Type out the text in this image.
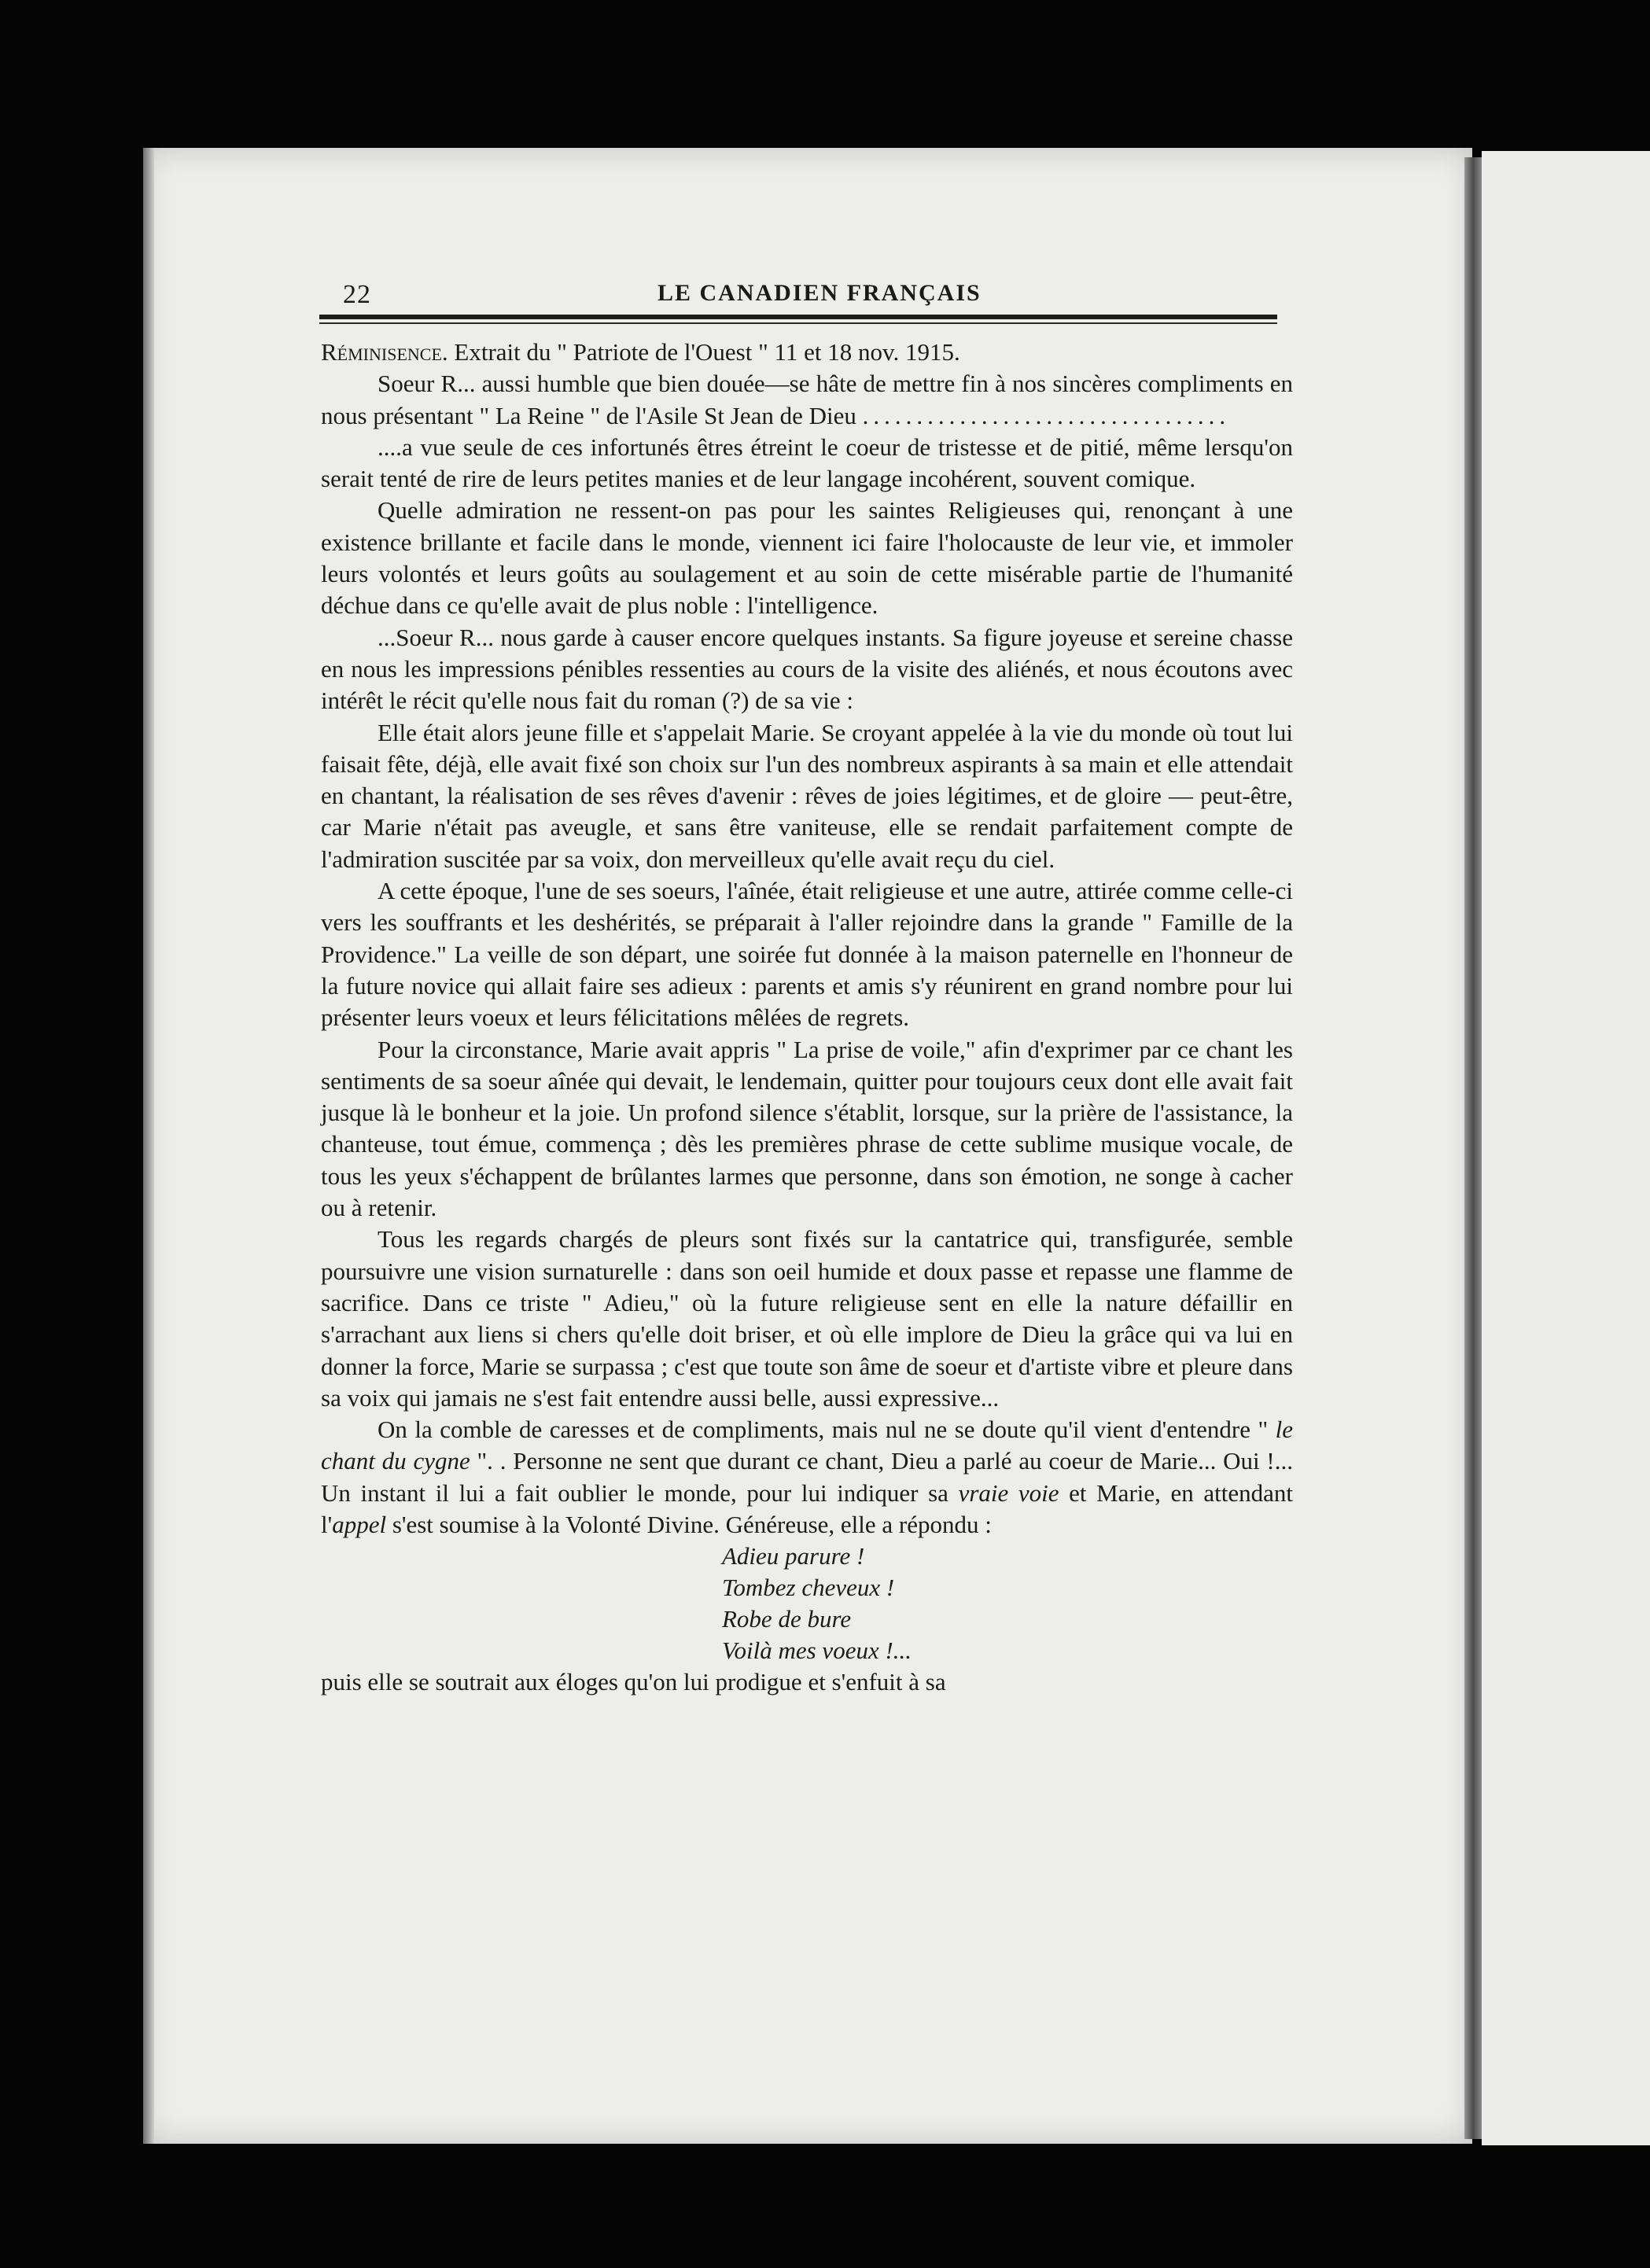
22	LE CANADIEN FRANÇAIS

Réminisence. Extrait du " Patriote de l'Ouest " 11 et 18 nov. 1915.

Soeur R... aussi humble que bien douée—se hâte de mettre fin à nos sincères compliments en nous présentant " La Reine " de l'Asile St Jean de Dieu ..................................

....a vue seule de ces infortunés êtres étreint le coeur de tristesse et de pitié, même lersqu'on serait tenté de rire de leurs petites manies et de leur langage incohérent, souvent comique.

Quelle admiration ne ressent-on pas pour les saintes Religieuses qui, renonçant à une existence brillante et facile dans le monde, viennent ici faire l'holocauste de leur vie, et immoler leurs volontés et leurs goûts au soulagement et au soin de cette misérable partie de l'humanité déchue dans ce qu'elle avait de plus noble : l'intelligence.

...Soeur R... nous garde à causer encore quelques instants. Sa figure joyeuse et sereine chasse en nous les impressions pénibles ressenties au cours de la visite des aliénés, et nous écoutons avec intérêt le récit qu'elle nous fait du roman (?) de sa vie :

Elle était alors jeune fille et s'appelait Marie. Se croyant appelée à la vie du monde où tout lui faisait fête, déjà, elle avait fixé son choix sur l'un des nombreux aspirants à sa main et elle attendait en chantant, la réalisation de ses rêves d'avenir : rêves de joies légitimes, et de gloire — peut-être, car Marie n'était pas aveugle, et sans être vaniteuse, elle se rendait parfaitement compte de l'admiration suscitée par sa voix, don merveilleux qu'elle avait reçu du ciel.

A cette époque, l'une de ses soeurs, l'aînée, était religieuse et une autre, attirée comme celle-ci vers les souffrants et les deshérités, se préparait à l'aller rejoindre dans la grande " Famille de la Providence." La veille de son départ, une soirée fut donnée à la maison paternelle en l'honneur de la future novice qui allait faire ses adieux : parents et amis s'y réunirent en grand nombre pour lui présenter leurs voeux et leurs félicitations mêlées de regrets.

Pour la circonstance, Marie avait appris " La prise de voile," afin d'exprimer par ce chant les sentiments de sa soeur aînée qui devait, le lendemain, quitter pour toujours ceux dont elle avait fait jusque là le bonheur et la joie. Un profond silence s'établit, lorsque, sur la prière de l'assistance, la chanteuse, tout émue, commença ; dès les premières phrase de cette sublime musique vocale, de tous les yeux s'échappent de brûlantes larmes que personne, dans son émotion, ne songe à cacher ou à retenir.

Tous les regards chargés de pleurs sont fixés sur la cantatrice qui, transfigurée, semble poursuivre une vision surnaturelle : dans son oeil humide et doux passe et repasse une flamme de sacrifice. Dans ce triste " Adieu," où la future religieuse sent en elle la nature défaillir en s'arrachant aux liens si chers qu'elle doit briser, et où elle implore de Dieu la grâce qui va lui en donner la force, Marie se surpassa ; c'est que toute son âme de soeur et d'artiste vibre et pleure dans sa voix qui jamais ne s'est fait entendre aussi belle, aussi expressive...

On la comble de caresses et de compliments, mais nul ne se doute qu'il vient d'entendre " le chant du cygne ". . Personne ne sent que durant ce chant, Dieu a parlé au coeur de Marie... Oui !... Un instant il lui a fait oublier le monde, pour lui indiquer sa vraie voie et Marie, en attendant l'appel s'est soumise à la Volonté Divine. Généreuse, elle a répondu :

Adieu parure !
Tombez cheveux !
Robe de bure
Voilà mes voeux !...

puis elle se soutrait aux éloges qu'on lui prodigue et s'enfuit à sa
